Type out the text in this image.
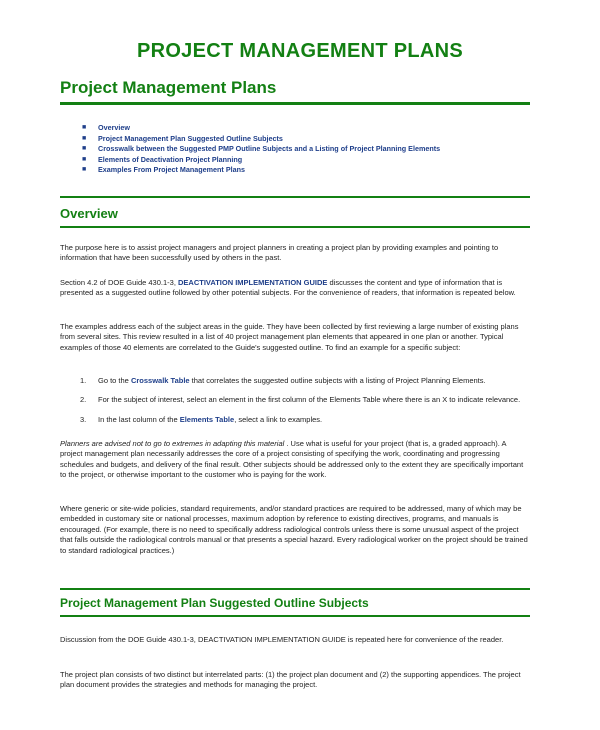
PROJECT MANAGEMENT PLANS
Project Management Plans
■ Overview
■ Project Management Plan Suggested Outline Subjects
■ Crosswalk between the Suggested PMP Outline Subjects and a Listing of Project Planning Elements
■ Elements of Deactivation Project Planning
■ Examples From Project Management Plans
Overview
The purpose here is to assist project managers and project planners in creating a project plan by providing examples and pointing to information that have been successfully used by others in the past.
Section 4.2 of DOE Guide 430.1-3, DEACTIVATION IMPLEMENTATION GUIDE discusses the content and type of information that is presented as a suggested outline followed by other potential subjects. For the convenience of readers, that information is repeated below.
The examples address each of the subject areas in the guide. They have been collected by first reviewing a large number of existing plans from several sites. This review resulted in a list of 40 project management plan elements that appeared in one plan or another. Typical examples of those 40 elements are correlated to the Guide's suggested outline. To find an example for a specific subject:
1. Go to the Crosswalk Table that correlates the suggested outline subjects with a listing of Project Planning Elements.
2. For the subject of interest, select an element in the first column of the Elements Table where there is an X to indicate relevance.
3. In the last column of the Elements Table, select a link to examples.
Planners are advised not to go to extremes in adapting this material . Use what is useful for your project (that is, a graded approach). A project management plan necessarily addresses the core of a project consisting of specifying the work, coordinating and progressing schedules and budgets, and delivery of the final result. Other subjects should be addressed only to the extent they are specifically important to the project, or otherwise important to the customer who is paying for the work.
Where generic or site-wide policies, standard requirements, and/or standard practices are required to be addressed, many of which may be embedded in customary site or national processes, maximum adoption by reference to existing directives, programs, and manuals is encouraged. (For example, there is no need to specifically address radiological controls unless there is some unusual aspect of the project that falls outside the radiological controls manual or that presents a special hazard. Every radiological worker on the project should be trained to standard radiological practices.)
Project Management Plan Suggested Outline Subjects
Discussion from the DOE Guide 430.1-3, DEACTIVATION IMPLEMENTATION GUIDE is repeated here for convenience of the reader.
The project plan consists of two distinct but interrelated parts: (1) the project plan document and (2) the supporting appendices. The project plan document provides the strategies and methods for managing the project.
